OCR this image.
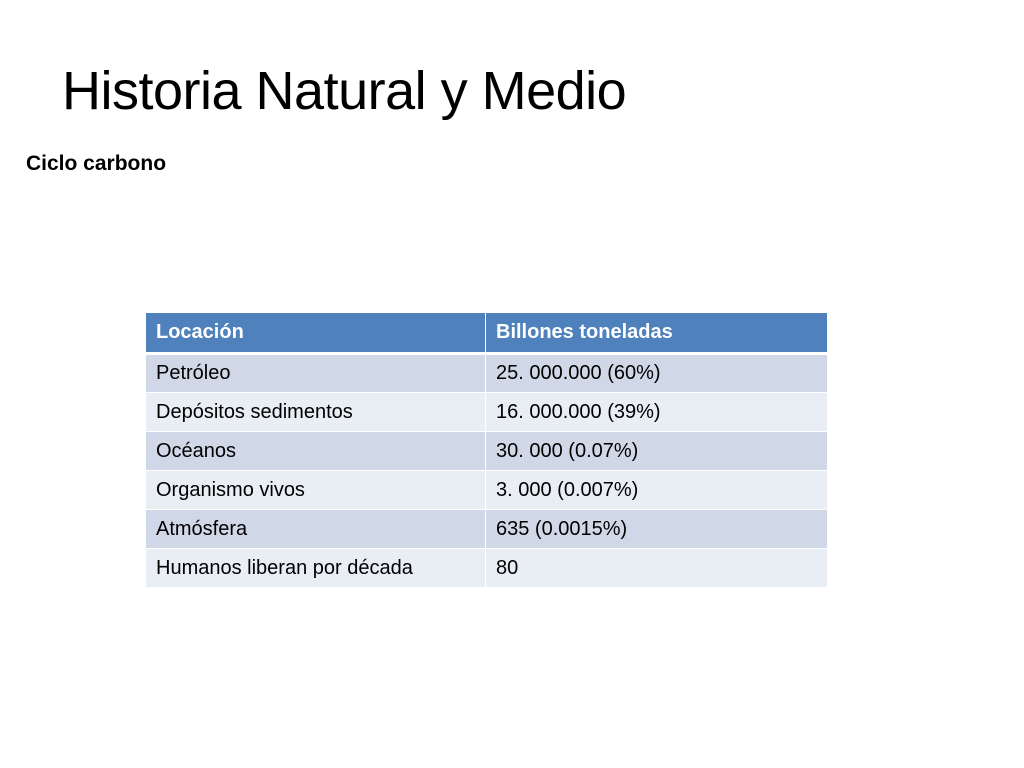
Historia Natural y Medio
Ciclo carbono
Locación	Billones toneladas
Petróleo	25. 000.000 (60%)
Depósitos sedimentos	16. 000.000 (39%)
Océanos	30. 000 (0.07%)
Organismo vivos	3. 000 (0.007%)
Atmósfera	635 (0.0015%)
Humanos liberan por década	80
